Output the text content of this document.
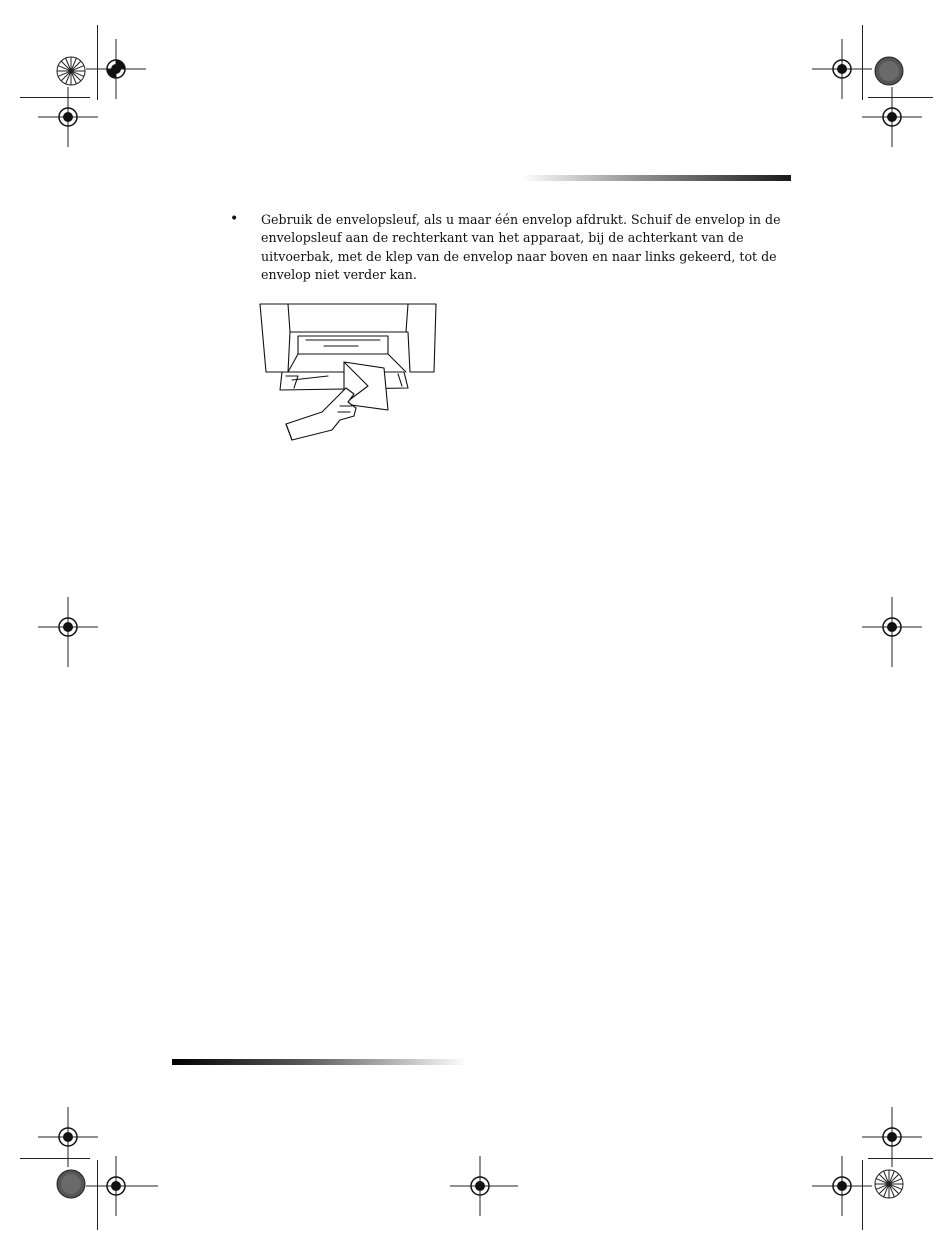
• Gebruik de envelopsleuf, als u maar één envelop afdrukt. Schuif de envelop in de envelopsleuf aan de rechterkant van het apparaat, bij de achterkant van de uitvoerbak, met de klep van de envelop naar boven en naar links gekeerd, tot de envelop niet verder kan.
